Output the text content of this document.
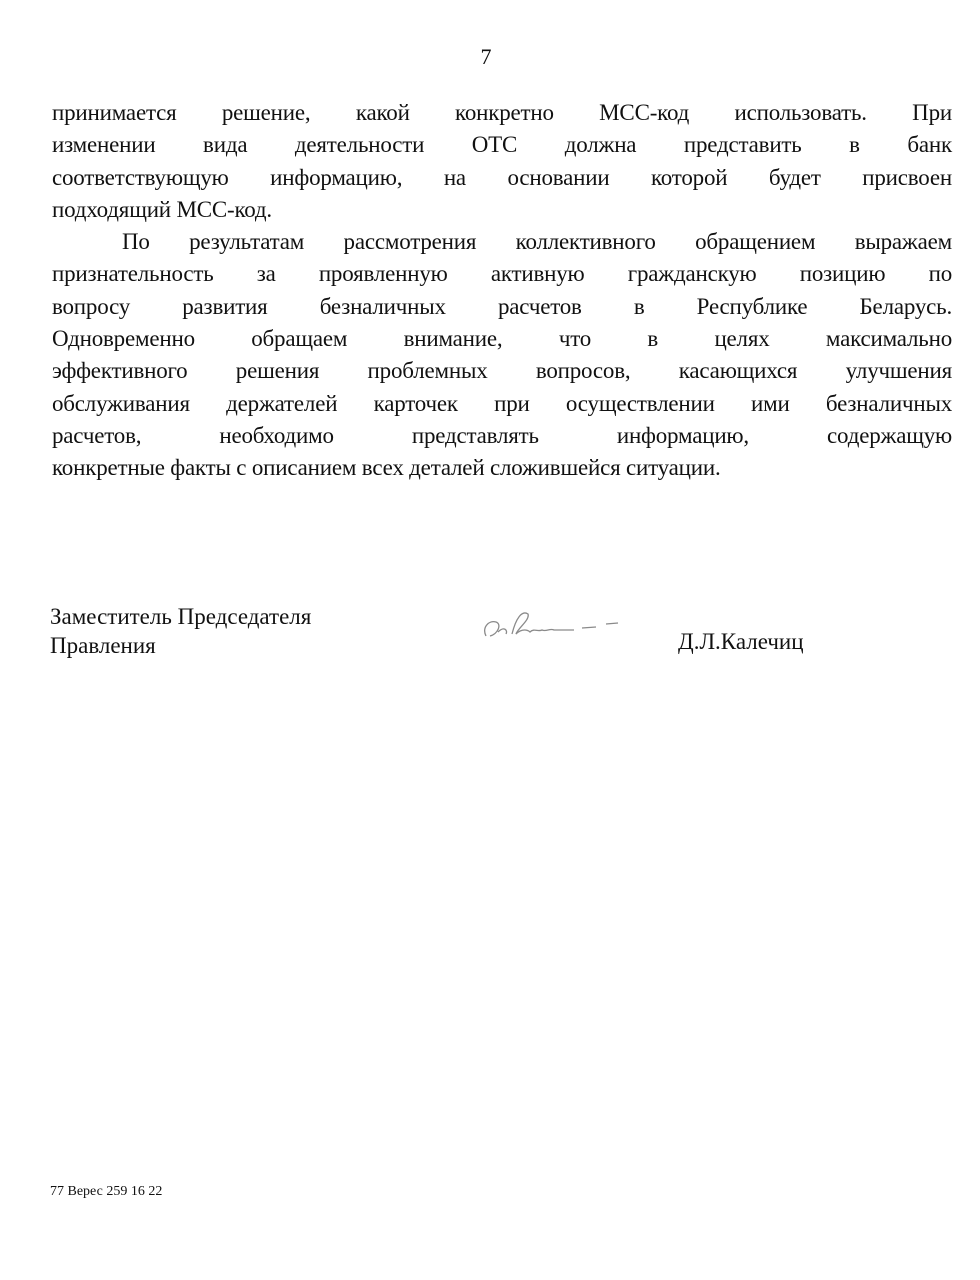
7
принимается решение, какой конкретно МСС-код использовать. При
изменении вида деятельности ОТС должна представить в банк
соответствующую информацию, на основании которой будет присвоен
подходящий МСС-код.
По результатам рассмотрения коллективного обращением выражаем
признательность за проявленную активную гражданскую позицию по
вопросу развития безналичных расчетов в Республике Беларусь.
Одновременно обращаем внимание, что в целях максимально
эффективного решения проблемных вопросов, касающихся улучшения
обслуживания держателей карточек при осуществлении ими безналичных
расчетов, необходимо представлять информацию, содержащую
конкретные факты с описанием всех деталей сложившейся ситуации.
Заместитель Председателя
Правления	Д.Л.Калечиц
77 Верес 259 16 22
